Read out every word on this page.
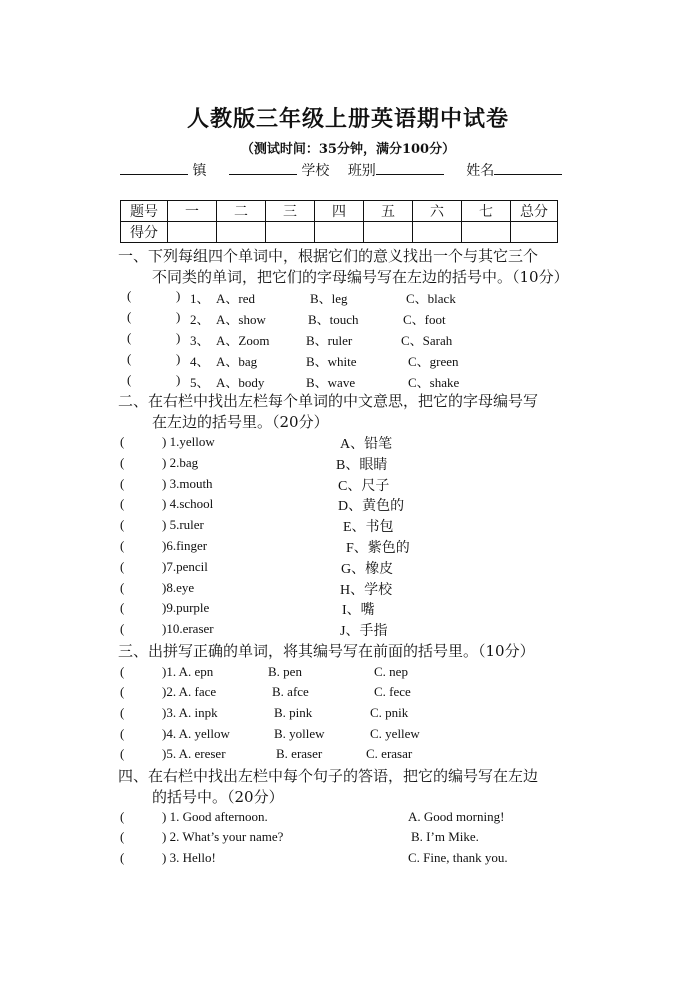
人教版三年级上册英语期中试卷
（测试时间：35分钟，满分100分）
镇	学校 班别	姓名
题号	一	二	三	四	五	六	七	总分
得分								
一、下列每组四个单词中，根据它们的意义找出一个与其它三个
不同类的单词，把它们的字母编号写在左边的括号中。（10分）
(	) 1、 A、red	B、leg	C、black
(	) 2、 A、show	B、touch	C、foot
(	) 3、 A、Zoom	B、ruler	C、Sarah
(	) 4、 A、bag	B、white	C、green
(	) 5、 A、body	B、wave	C、shake
二、在右栏中找出左栏每个单词的中文意思，把它的字母编号写
在左边的括号里。（20分）
(	) 1.yellow	A、铅笔
(	) 2.bag	B、眼睛
(	) 3.mouth	C、尺子
(	) 4.school	D、黄色的
(	) 5.ruler	E、书包
(	)6.finger	F、紫色的
(	)7.pencil	G、橡皮
(	)8.eye	H、学校
(	)9.purple	I、嘴
(	)10.eraser	J、手指
三、出拼写正确的单词，将其编号写在前面的括号里。（10分）
(	)1. A. epn	B. pen	C. nep
(	)2. A. face	B. afce	C. fece
(	)3. A. inpk	B. pink	C. pnik
(	)4. A. yellow	B. yollew	C. yellew
(	)5. A. ereser	B. eraser	C. erasar
四、在右栏中找出左栏中每个句子的答语，把它的编号写在左边
的括号中。（20分）
(	) 1. Good afternoon.	A. Good morning!
(	) 2. What’s your name?	B. I’m Mike.
(	) 3. Hello!	C. Fine, thank you.
